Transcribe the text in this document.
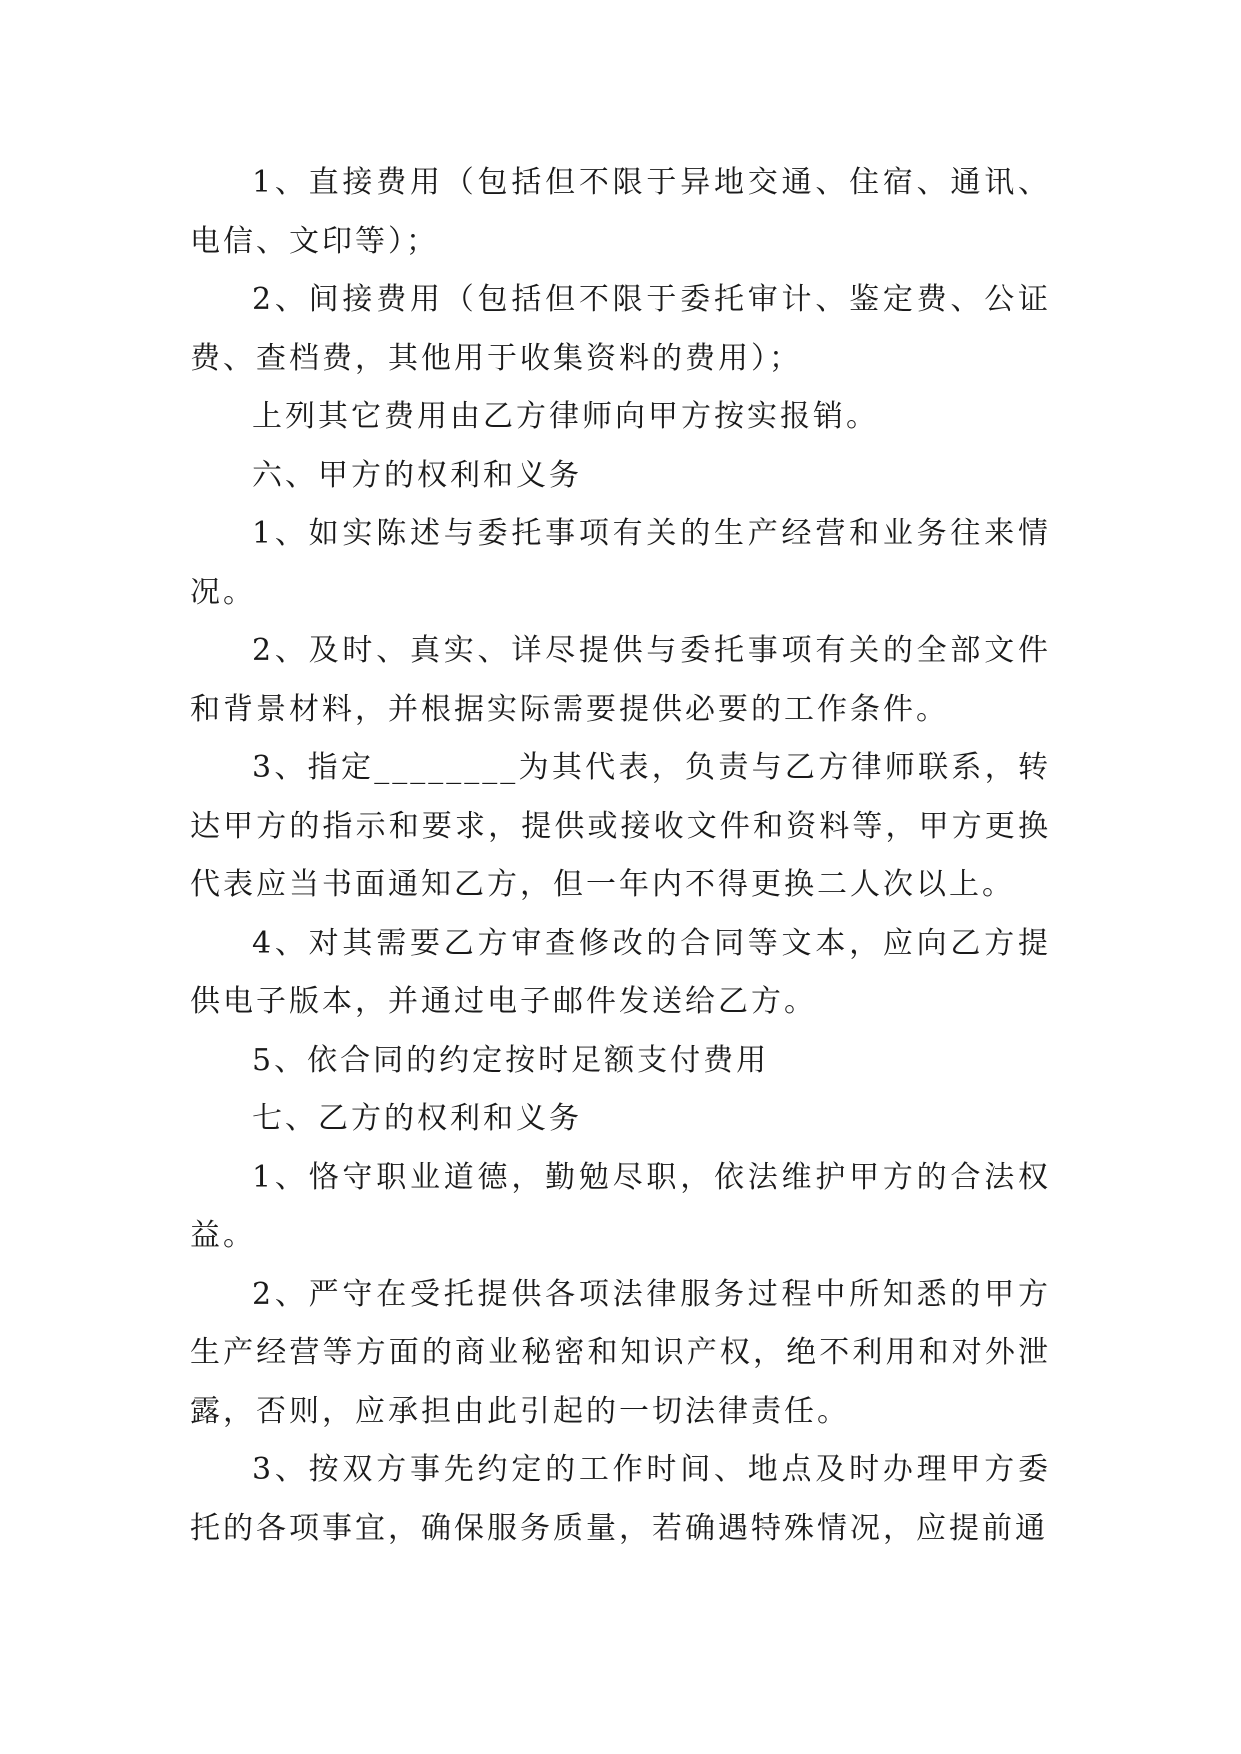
1、直接费用（包括但不限于异地交通、住宿、通讯、电信、文印等）；

2、间接费用（包括但不限于委托审计、鉴定费、公证费、查档费，其他用于收集资料的费用）；

上列其它费用由乙方律师向甲方按实报销。

六、甲方的权利和义务

1、如实陈述与委托事项有关的生产经营和业务往来情况。

2、及时、真实、详尽提供与委托事项有关的全部文件和背景材料，并根据实际需要提供必要的工作条件。

3、指定________为其代表，负责与乙方律师联系，转达甲方的指示和要求，提供或接收文件和资料等，甲方更换代表应当书面通知乙方，但一年内不得更换二人次以上。

4、对其需要乙方审查修改的合同等文本，应向乙方提供电子版本，并通过电子邮件发送给乙方。

5、依合同的约定按时足额支付费用

七、乙方的权利和义务

1、恪守职业道德，勤勉尽职，依法维护甲方的合法权益。

2、严守在受托提供各项法律服务过程中所知悉的甲方生产经营等方面的商业秘密和知识产权，绝不利用和对外泄露，否则，应承担由此引起的一切法律责任。

3、按双方事先约定的工作时间、地点及时办理甲方委托的各项事宜，确保服务质量，若确遇特殊情况，应提前通
